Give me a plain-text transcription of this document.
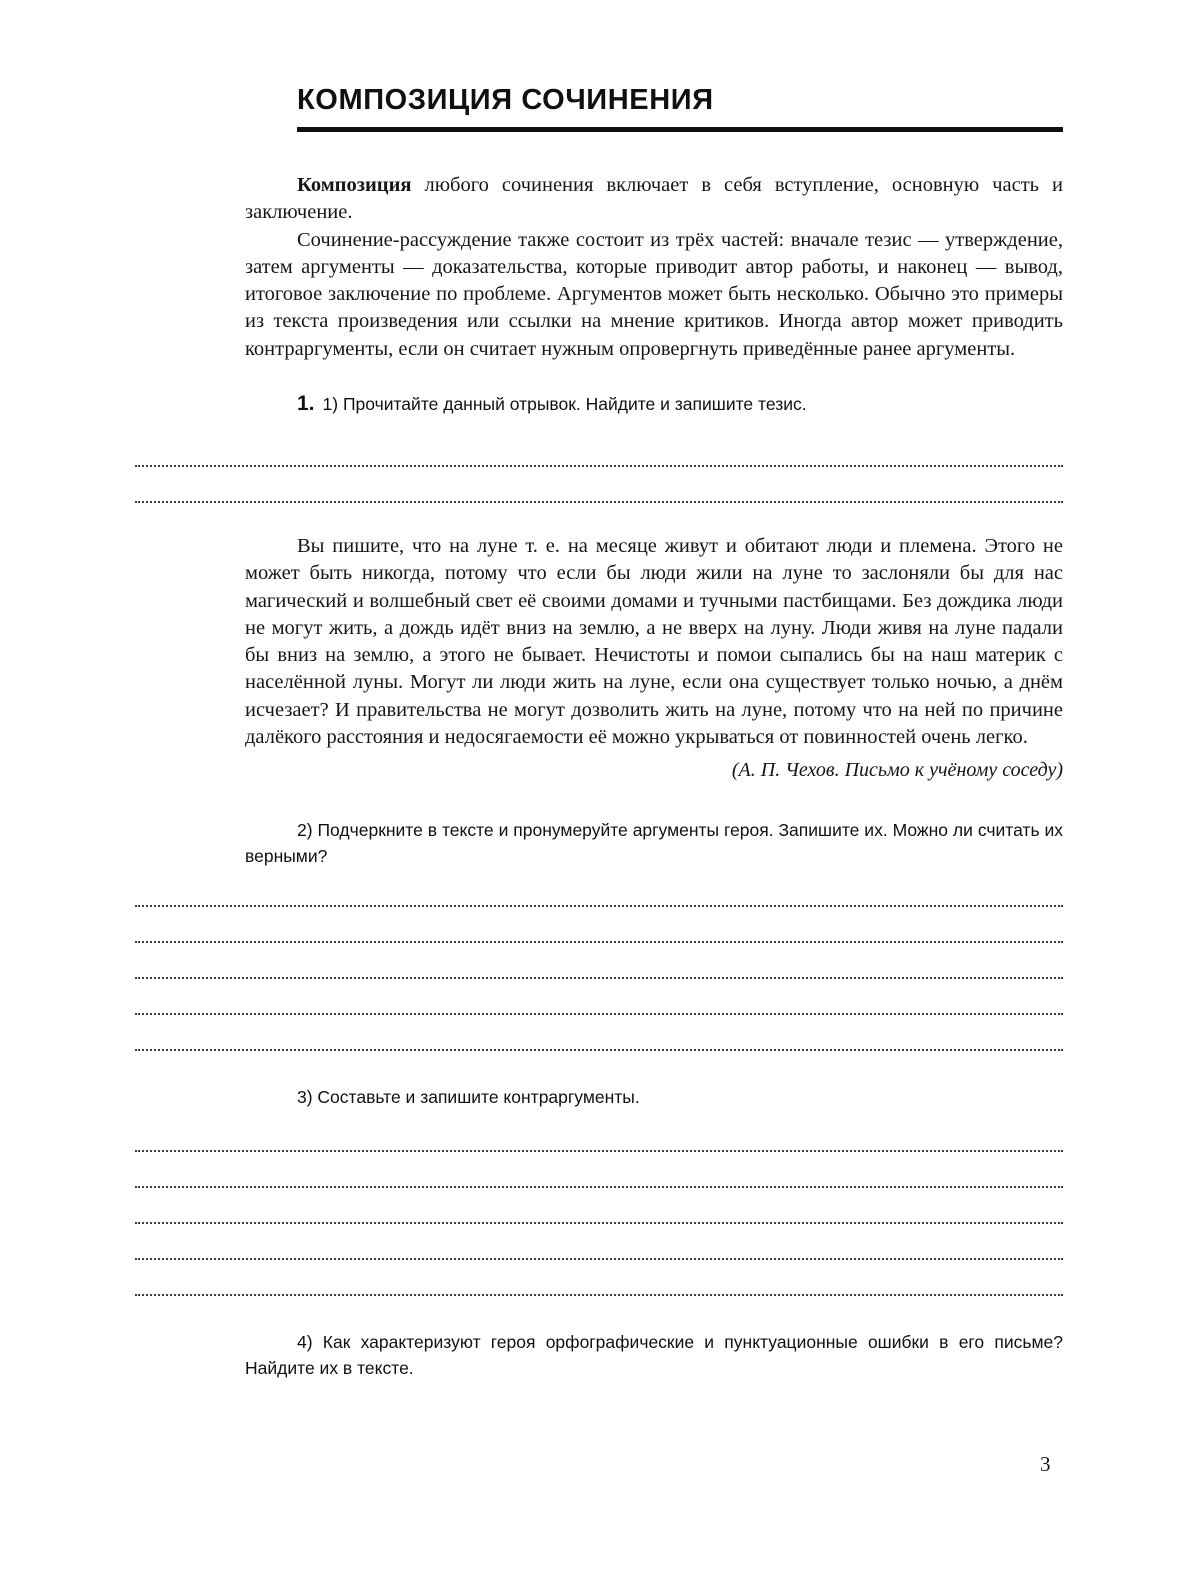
КОМПОЗИЦИЯ СОЧИНЕНИЯ

Композиция любого сочинения включает в себя вступление, основную часть и заключение.

Сочинение-рассуждение также состоит из трёх частей: вначале тезис — утверждение, затем аргументы — доказательства, которые приводит автор работы, и наконец — вывод, итоговое заключение по проблеме. Аргументов может быть несколько. Обычно это примеры из текста произведения или ссылки на мнение критиков. Иногда автор может приводить контраргументы, если он считает нужным опровергнуть приведённые ранее аргументы.

1. 1) Прочитайте данный отрывок. Найдите и запишите тезис.

Вы пишите, что на луне т. е. на месяце живут и обитают люди и племена. Этого не может быть никогда, потому что если бы люди жили на луне то заслоняли бы для нас магический и волшебный свет её своими домами и тучными пастбищами. Без дождика люди не могут жить, а дождь идёт вниз на землю, а не вверх на луну. Люди живя на луне падали бы вниз на землю, а этого не бывает. Нечистоты и помои сыпались бы на наш материк с населённой луны. Могут ли люди жить на луне, если она существует только ночью, а днём исчезает? И правительства не могут дозволить жить на луне, потому что на ней по причине далёкого расстояния и недосягаемости её можно укрываться от повинностей очень легко.

(А. П. Чехов. Письмо к учёному соседу)

2) Подчеркните в тексте и пронумеруйте аргументы героя. Запишите их. Можно ли считать их верными?

3) Составьте и запишите контраргументы.

4) Как характеризуют героя орфографические и пунктуационные ошибки в его письме? Найдите их в тексте.

3
